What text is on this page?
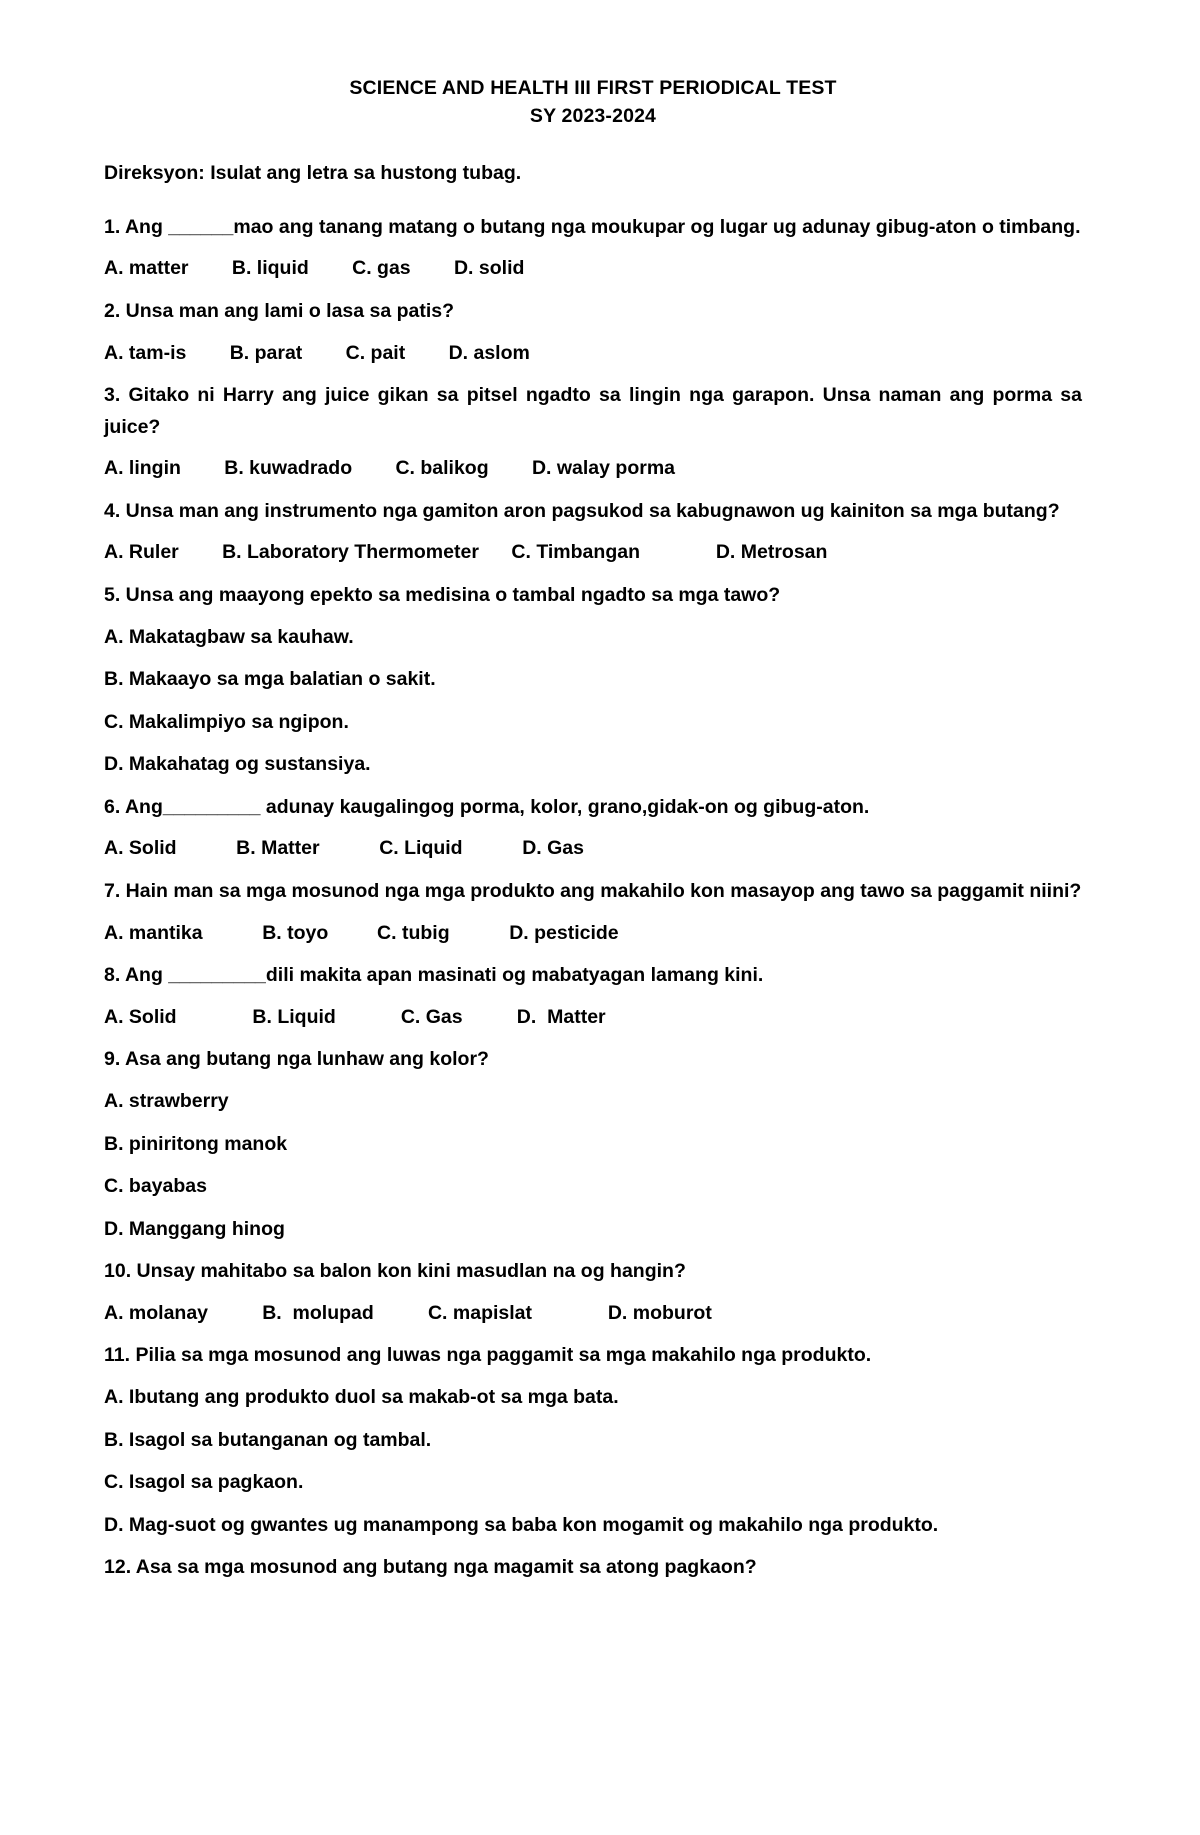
SCIENCE AND HEALTH III FIRST PERIODICAL TEST
SY 2023-2024

Direksyon: Isulat ang letra sa hustong tubag.

1. Ang ______mao ang tanang matang o butang nga moukupar og lugar ug adunay gibug-aton o timbang.

A. matter        B. liquid        C. gas        D. solid

2. Unsa man ang lami o lasa sa patis?

A. tam-is        B. parat        C. pait        D. aslom

3. Gitako ni Harry ang juice gikan sa pitsel ngadto sa lingin nga garapon. Unsa naman ang porma sa juice?

A. lingin        B. kuwadrado        C. balikog        D. walay porma

4. Unsa man ang instrumento nga gamiton aron pagsukod sa kabugnawon ug kainiton sa mga butang?

A. Ruler        B. Laboratory Thermometer      C. Timbangan              D. Metrosan

5. Unsa ang maayong epekto sa medisina o tambal ngadto sa mga tawo?

A. Makatagbaw sa kauhaw.

B. Makaayo sa mga balatian o sakit.

C. Makalimpiyo sa ngipon.

D. Makahatag og sustansiya.

6. Ang_________ adunay kaugalingog porma, kolor, grano,gidak-on og gibug-aton.

A. Solid           B. Matter           C. Liquid           D. Gas

7. Hain man sa mga mosunod nga mga produkto ang makahilo kon masayop ang tawo sa paggamit niini?

A. mantika           B. toyo         C. tubig           D. pesticide

8. Ang _________dili makita apan masinati og mabatyagan lamang kini.

A. Solid              B. Liquid            C. Gas          D.  Matter

9. Asa ang butang nga lunhaw ang kolor?

A. strawberry

B. piniritong manok

C. bayabas

D. Manggang hinog

10. Unsay mahitabo sa balon kon kini masudlan na og hangin?

A. molanay          B.  molupad          C. mapislat              D. moburot

11. Pilia sa mga mosunod ang luwas nga paggamit sa mga makahilo nga produkto.

A. Ibutang ang produkto duol sa makab-ot sa mga bata.

B. Isagol sa butanganan og tambal.

C. Isagol sa pagkaon.

D. Mag-suot og gwantes ug manampong sa baba kon mogamit og makahilo nga produkto.

12. Asa sa mga mosunod ang butang nga magamit sa atong pagkaon?
